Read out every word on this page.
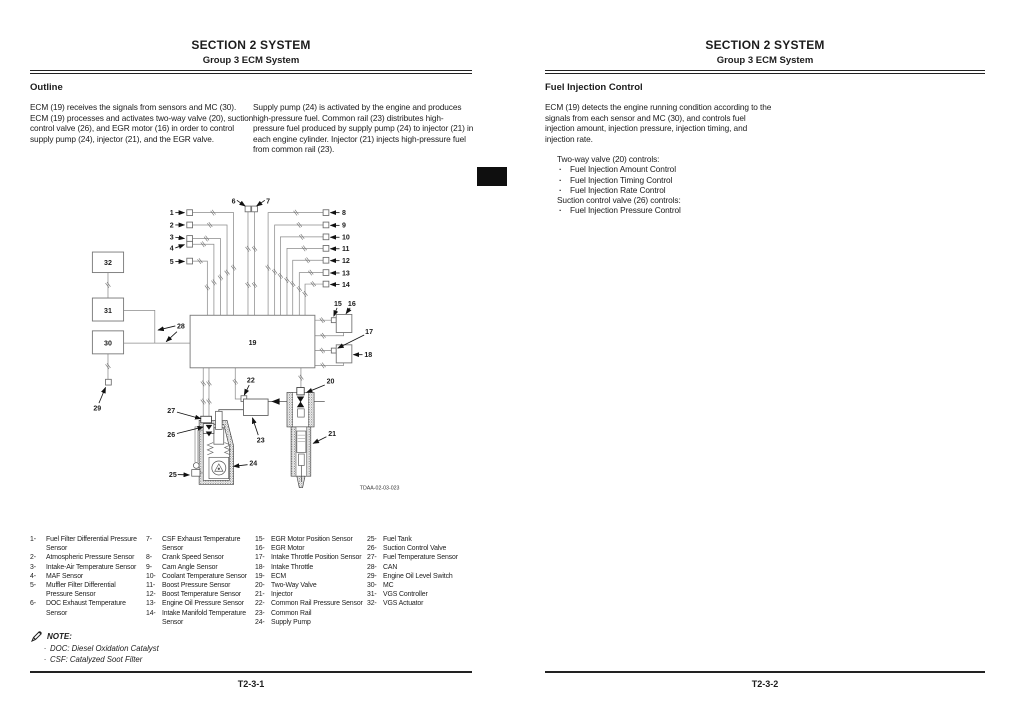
SECTION 2 SYSTEM
Group 3 ECM System
Outline
ECM (19) receives the signals from sensors and MC (30). ECM (19) processes and activates two-way valve (20), suction control valve (26), and EGR motor (16) in order to control supply pump (24), injector (21), and the EGR valve.
Supply pump (24) is activated by the engine and produces high-pressure fuel. Common rail (23) distributes high-pressure fuel produced by supply pump (24) to injector (21) in each engine cylinder. Injector (21) injects high-pressure fuel from common rail (23).
1
2
3
4
5
6	7
8
9
10
11
12
13
14
15 16
17
18
19
20
21
22
23
24
25
26
27
28
29
30
31
32
TDAA-02-03-023
1-	Fuel Filter Differential Pressure Sensor
2-	Atmospheric Pressure Sensor
3-	Intake-Air Temperature Sensor
4-	MAF Sensor
5-	Muffler Filter Differential Pressure Sensor
6-	DOC Exhaust Temperature Sensor
7-	CSF Exhaust Temperature Sensor
8-	Crank Speed Sensor
9-	Cam Angle Sensor
10- Coolant Temperature Sensor
11-	Boost Pressure Sensor
12- Boost Temperature Sensor
13- Engine Oil Pressure Sensor
14- Intake Manifold Temperature Sensor
15- EGR Motor Position Sensor
16- EGR Motor
17- Intake Throttle Position Sensor
18- Intake Throttle
19- ECM
20- Two-Way Valve
21- Injector
22- Common Rail Pressure Sensor
23- Common Rail
24- Supply Pump
25- Fuel Tank
26- Suction Control Valve
27- Fuel Temperature Sensor
28- CAN
29- Engine Oil Level Switch
30- MC
31- VGS Controller
32- VGS Actuator
NOTE:
· DOC: Diesel Oxidation Catalyst
· CSF: Catalyzed Soot Filter
T2-3-1
SECTION 2 SYSTEM
Group 3 ECM System
Fuel Injection Control
ECM (19) detects the engine running condition according to the signals from each sensor and MC (30), and controls fuel injection amount, injection pressure, injection timing, and injection rate.
Two-way valve (20) controls:
·	Fuel Injection Amount Control
·	Fuel Injection Timing Control
·	Fuel Injection Rate Control
Suction control valve (26) controls:
·	Fuel Injection Pressure Control
T2-3-2
